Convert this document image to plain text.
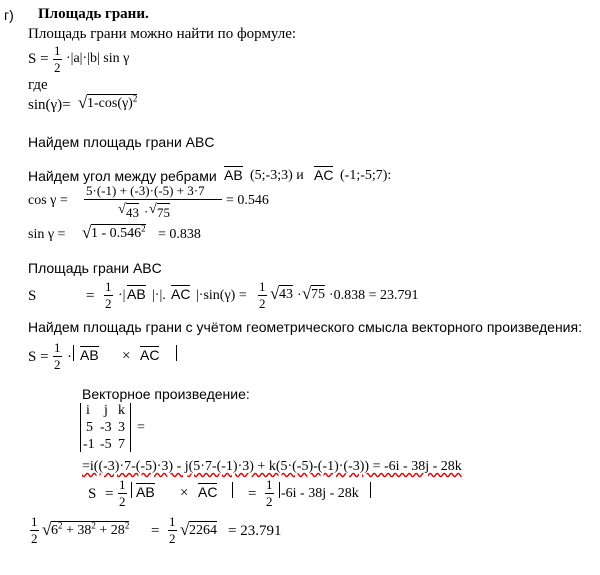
г) Площадь грани.
Площадь грани можно найти по формуле:
S =
1
2
·|a|·|b| sin γ
где
sin(γ)= √ $1-\cos(\gamma)^2$
Найдем площадь грани ABC
Найдем угол между ребрами AB (5;-3;3) и AC (-1;-5;7):
cos γ =
5·(-1) + (-3)·(-5) + 3·7
√ 43 · √ 75
= 0.546
sin γ = √ $1 - 0.546^2 = 0.838$
Площадь грани ABC
S	=
1
2
·| AB |·|. AC |·sin(γ) =
1
2
√ 43 · √ 75 ·0.838 = 23.791
Найдем площадь грани с учётом геометрического смысла векторного произведения:
S =
1
2 · AB × AC
Векторное произведение:
i j k
5 -3 3
-1 -5 7
=
=i((-3)·7-(-5)·3) - j(5·7-(-1)·3) + k(5·(-5)-(-1)·(-3)) = -6i - 38j - 28k
S =
1
2
AB × AC =
1
2
-6i - 38j - 28k
1
2 √ $6^2 + 38^2 + 28^2$ =
1
2 √ 2264 = 23.791
